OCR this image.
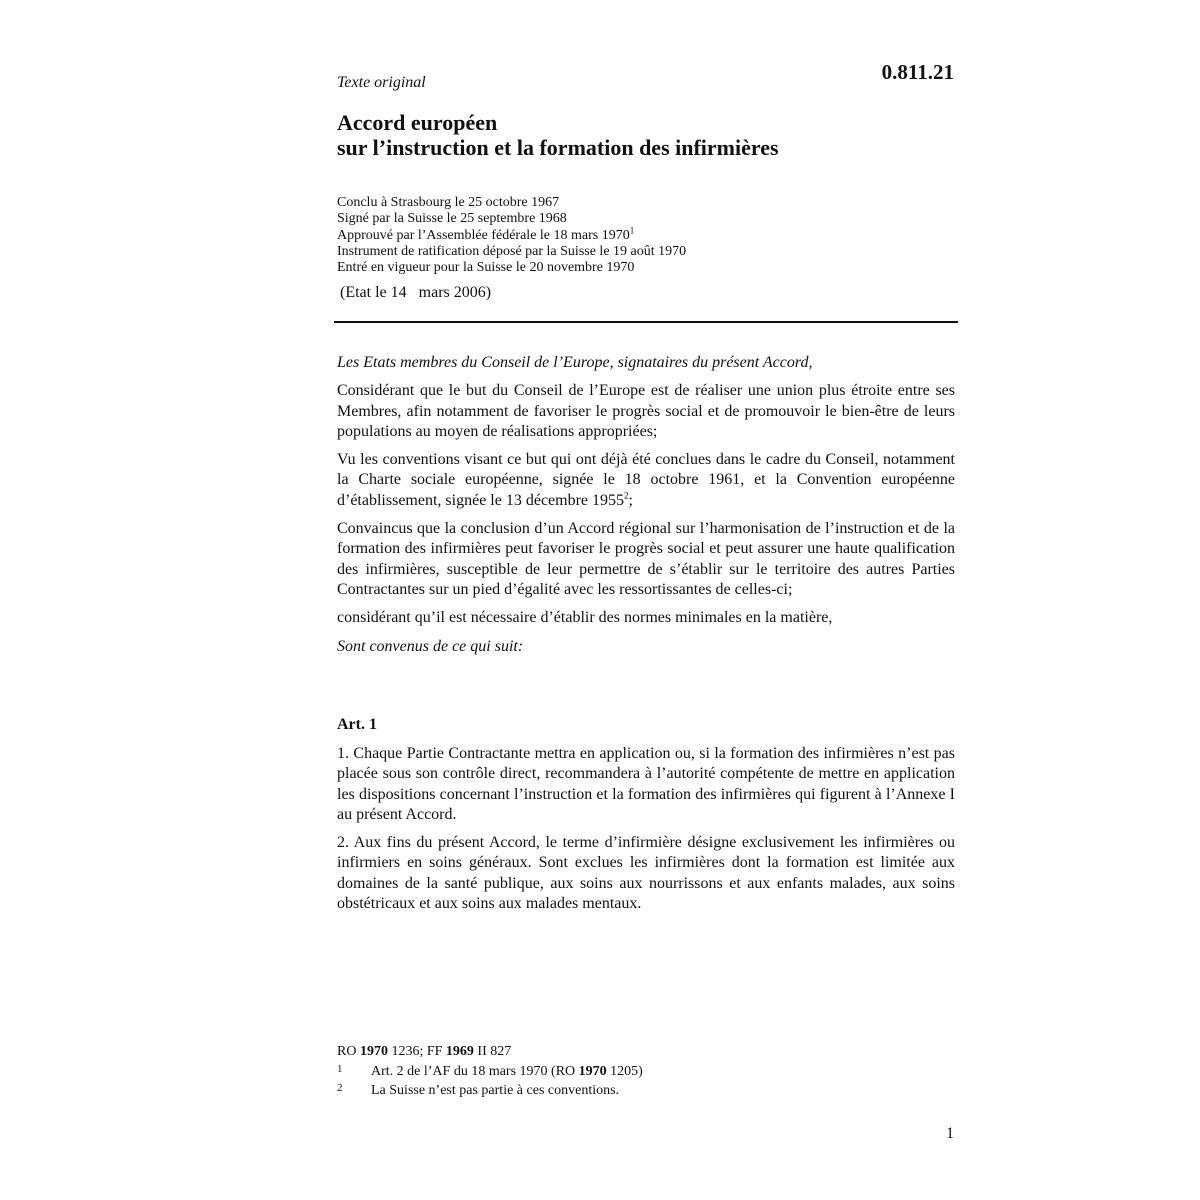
Texte original	0.811.21
Accord européen
sur l’instruction et la formation des infirmières
Conclu à Strasbourg le 25 octobre 1967
Signé par la Suisse le 25 septembre 1968
Approuvé par l’Assemblée fédérale le 18 mars 1970$^1$
Instrument de ratification déposé par la Suisse le 19 août 1970
Entré en vigueur pour la Suisse le 20 novembre 1970
(Etat le 14   mars 2006)

Les Etats membres du Conseil de l’Europe, signataires du présent Accord,

Considérant que le but du Conseil de l’Europe est de réaliser une union plus étroite entre ses Membres, afin notamment de favoriser le progrès social et de promouvoir le bien-être de leurs populations au moyen de réalisations appropriées;

Vu les conventions visant ce but qui ont déjà été conclues dans le cadre du Conseil, notamment la Charte sociale européenne, signée le 18 octobre 1961, et la Convention européenne d’établissement, signée le 13 décembre 1955$^2$;

Convaincus que la conclusion d’un Accord régional sur l’harmonisation de l’instruction et de la formation des infirmières peut favoriser le progrès social et peut assurer une haute qualification des infirmières, susceptible de leur permettre de s’établir sur le territoire des autres Parties Contractantes sur un pied d’égalité avec les ressortissantes de celles-ci;

considérant qu’il est nécessaire d’établir des normes minimales en la matière,

Sont convenus de ce qui suit:

Art. 1

1. Chaque Partie Contractante mettra en application ou, si la formation des infirmières n’est pas placée sous son contrôle direct, recommandera à l’autorité compétente de mettre en application les dispositions concernant l’instruction et la formation des infirmières qui figurent à l’Annexe I au présent Accord.

2. Aux fins du présent Accord, le terme d’infirmière désigne exclusivement les infirmières ou infirmiers en soins généraux. Sont exclues les infirmières dont la formation est limitée aux domaines de la santé publique, aux soins aux nourrissons et aux enfants malades, aux soins obstétricaux et aux soins aux malades mentaux.

RO 1970 1236; FF 1969 II 827
1 Art. 2 de l’AF du 18 mars 1970 (RO 1970 1205)
2 La Suisse n’est pas partie à ces conventions.
1
